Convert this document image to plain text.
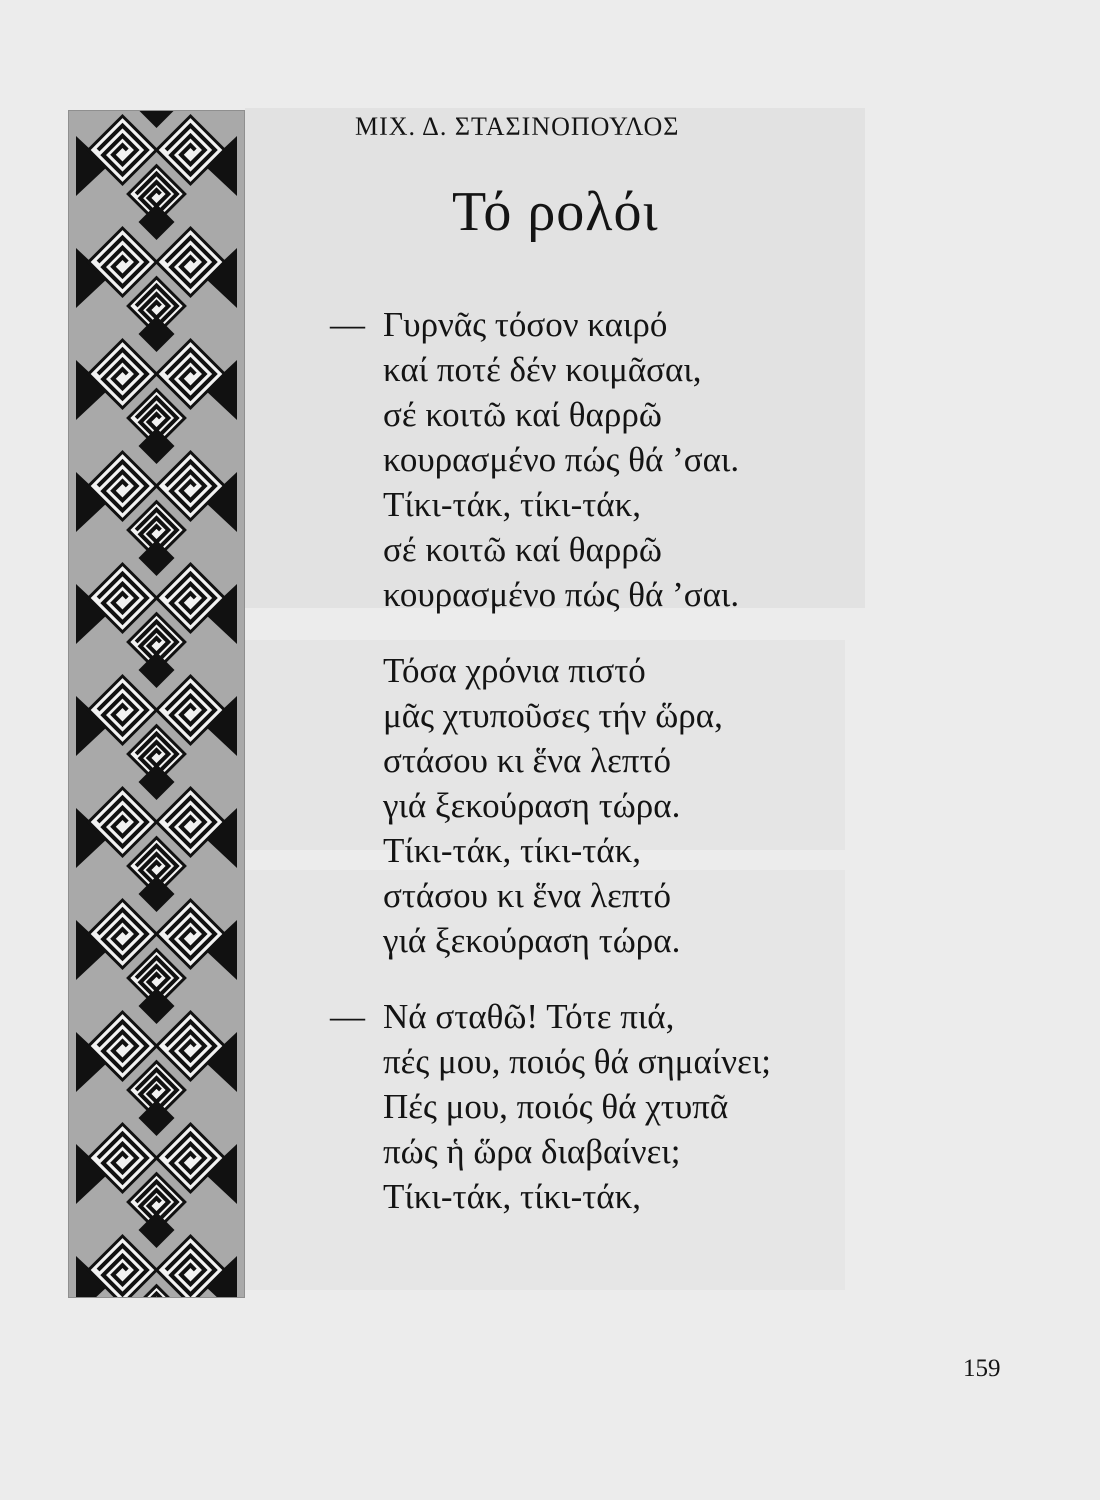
ΜΙΧ. Δ. ΣΤΑΣΙΝΟΠΟΥΛΟΣ
Τό ρολόι
— Γυρνᾶς τόσον καιρό
καί ποτέ δέν κοιμᾶσαι,
σέ κοιτῶ καί θαρρῶ
κουρασμένο πώς θά ’σαι.
Τίκι-τάκ, τίκι-τάκ,
σέ κοιτῶ καί θαρρῶ
κουρασμένο πώς θά ’σαι.
Τόσα χρόνια πιστό
μᾶς χτυποῦσες τήν ὥρα,
στάσου κι ἕνα λεπτό
γιά ξεκούραση τώρα.
Τίκι-τάκ, τίκι-τάκ,
στάσου κι ἕνα λεπτό
γιά ξεκούραση τώρα.
— Νά σταθῶ! Τότε πιά,
πές μου, ποιός θά σημαίνει;
Πές μου, ποιός θά χτυπᾶ
πώς ἡ ὥρα διαβαίνει;
Τίκι-τάκ, τίκι-τάκ,
159
